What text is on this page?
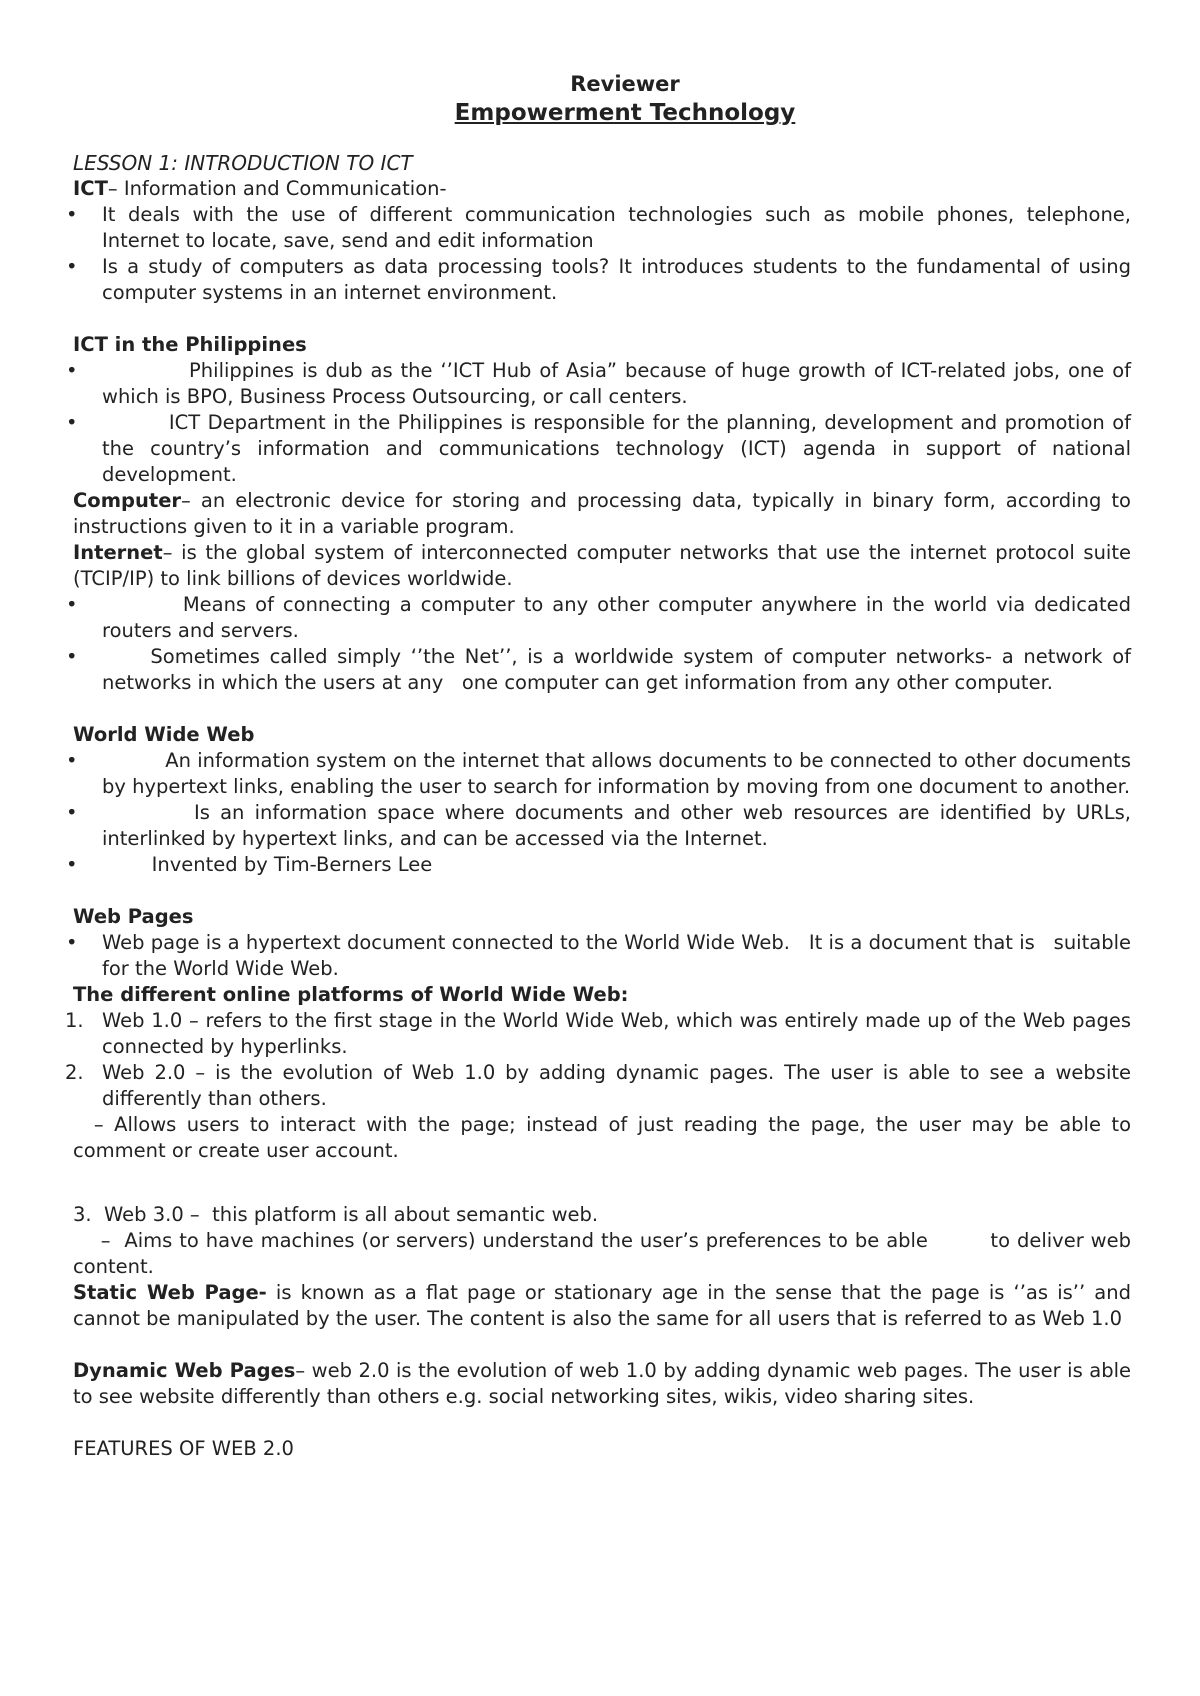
Reviewer
Empowerment Technology

LESSON 1: INTRODUCTION TO ICT

ICT– Information and Communication-

• It deals with the use of different communication technologies such as mobile phones, telephone, Internet to locate, save, send and edit information
• Is a study of computers as data processing tools? It introduces students to the fundamental of using computer systems in an internet environment.

ICT in the Philippines

•            Philippines is dub as the ‘’ICT Hub of Asia” because of huge growth of ICT-related jobs, one of which is BPO, Business Process Outsourcing, or call centers.
•          ICT Department in the Philippines is responsible for the planning, development and promotion of the country’s information and communications technology (ICT) agenda in support of national development.

Computer– an electronic device for storing and processing data, typically in binary form, according to instructions given to it in a variable program.

Internet– is the global system of interconnected computer networks that use the internet protocol suite (TCIP/IP) to link billions of devices worldwide.

•          Means of connecting a computer to any other computer anywhere in the world via dedicated routers and servers.
•      Sometimes called simply ‘’the Net’’, is a worldwide system of computer networks- a network of networks in which the users at any   one computer can get information from any other computer.

World Wide Web

•           An information system on the internet that allows documents to be connected to other documents by hypertext links, enabling the user to search for information by moving from one document to another.
•          Is an information space where documents and other web resources are identified by URLs, interlinked by hypertext links, and can be accessed via the Internet.
•         Invented by Tim-Berners Lee

Web Pages

• Web page is a hypertext document connected to the World Wide Web.   It is a document that is   suitable for the World Wide Web.

The different online platforms of World Wide Web:

1. Web 1.0 – refers to the first stage in the World Wide Web, which was entirely made up of the Web pages connected by hyperlinks.
2. Web 2.0 – is the evolution of Web 1.0 by adding dynamic pages. The user is able to see a website differently than others.

– Allows users to interact with the page; instead of just reading the page, the user may be able to comment or create user account.

3.  Web 3.0 –  this platform is all about semantic web.

–  Aims to have machines (or servers) understand the user’s preferences to be able         to deliver web content.

Static Web Page- is known as a flat page or stationary age in the sense that the page is ‘’as is’’ and cannot be manipulated by the user. The content is also the same for all users that is referred to as Web 1.0

Dynamic Web Pages– web 2.0 is the evolution of web 1.0 by adding dynamic web pages. The user is able to see website differently than others e.g. social networking sites, wikis, video sharing sites.

FEATURES OF WEB 2.0
